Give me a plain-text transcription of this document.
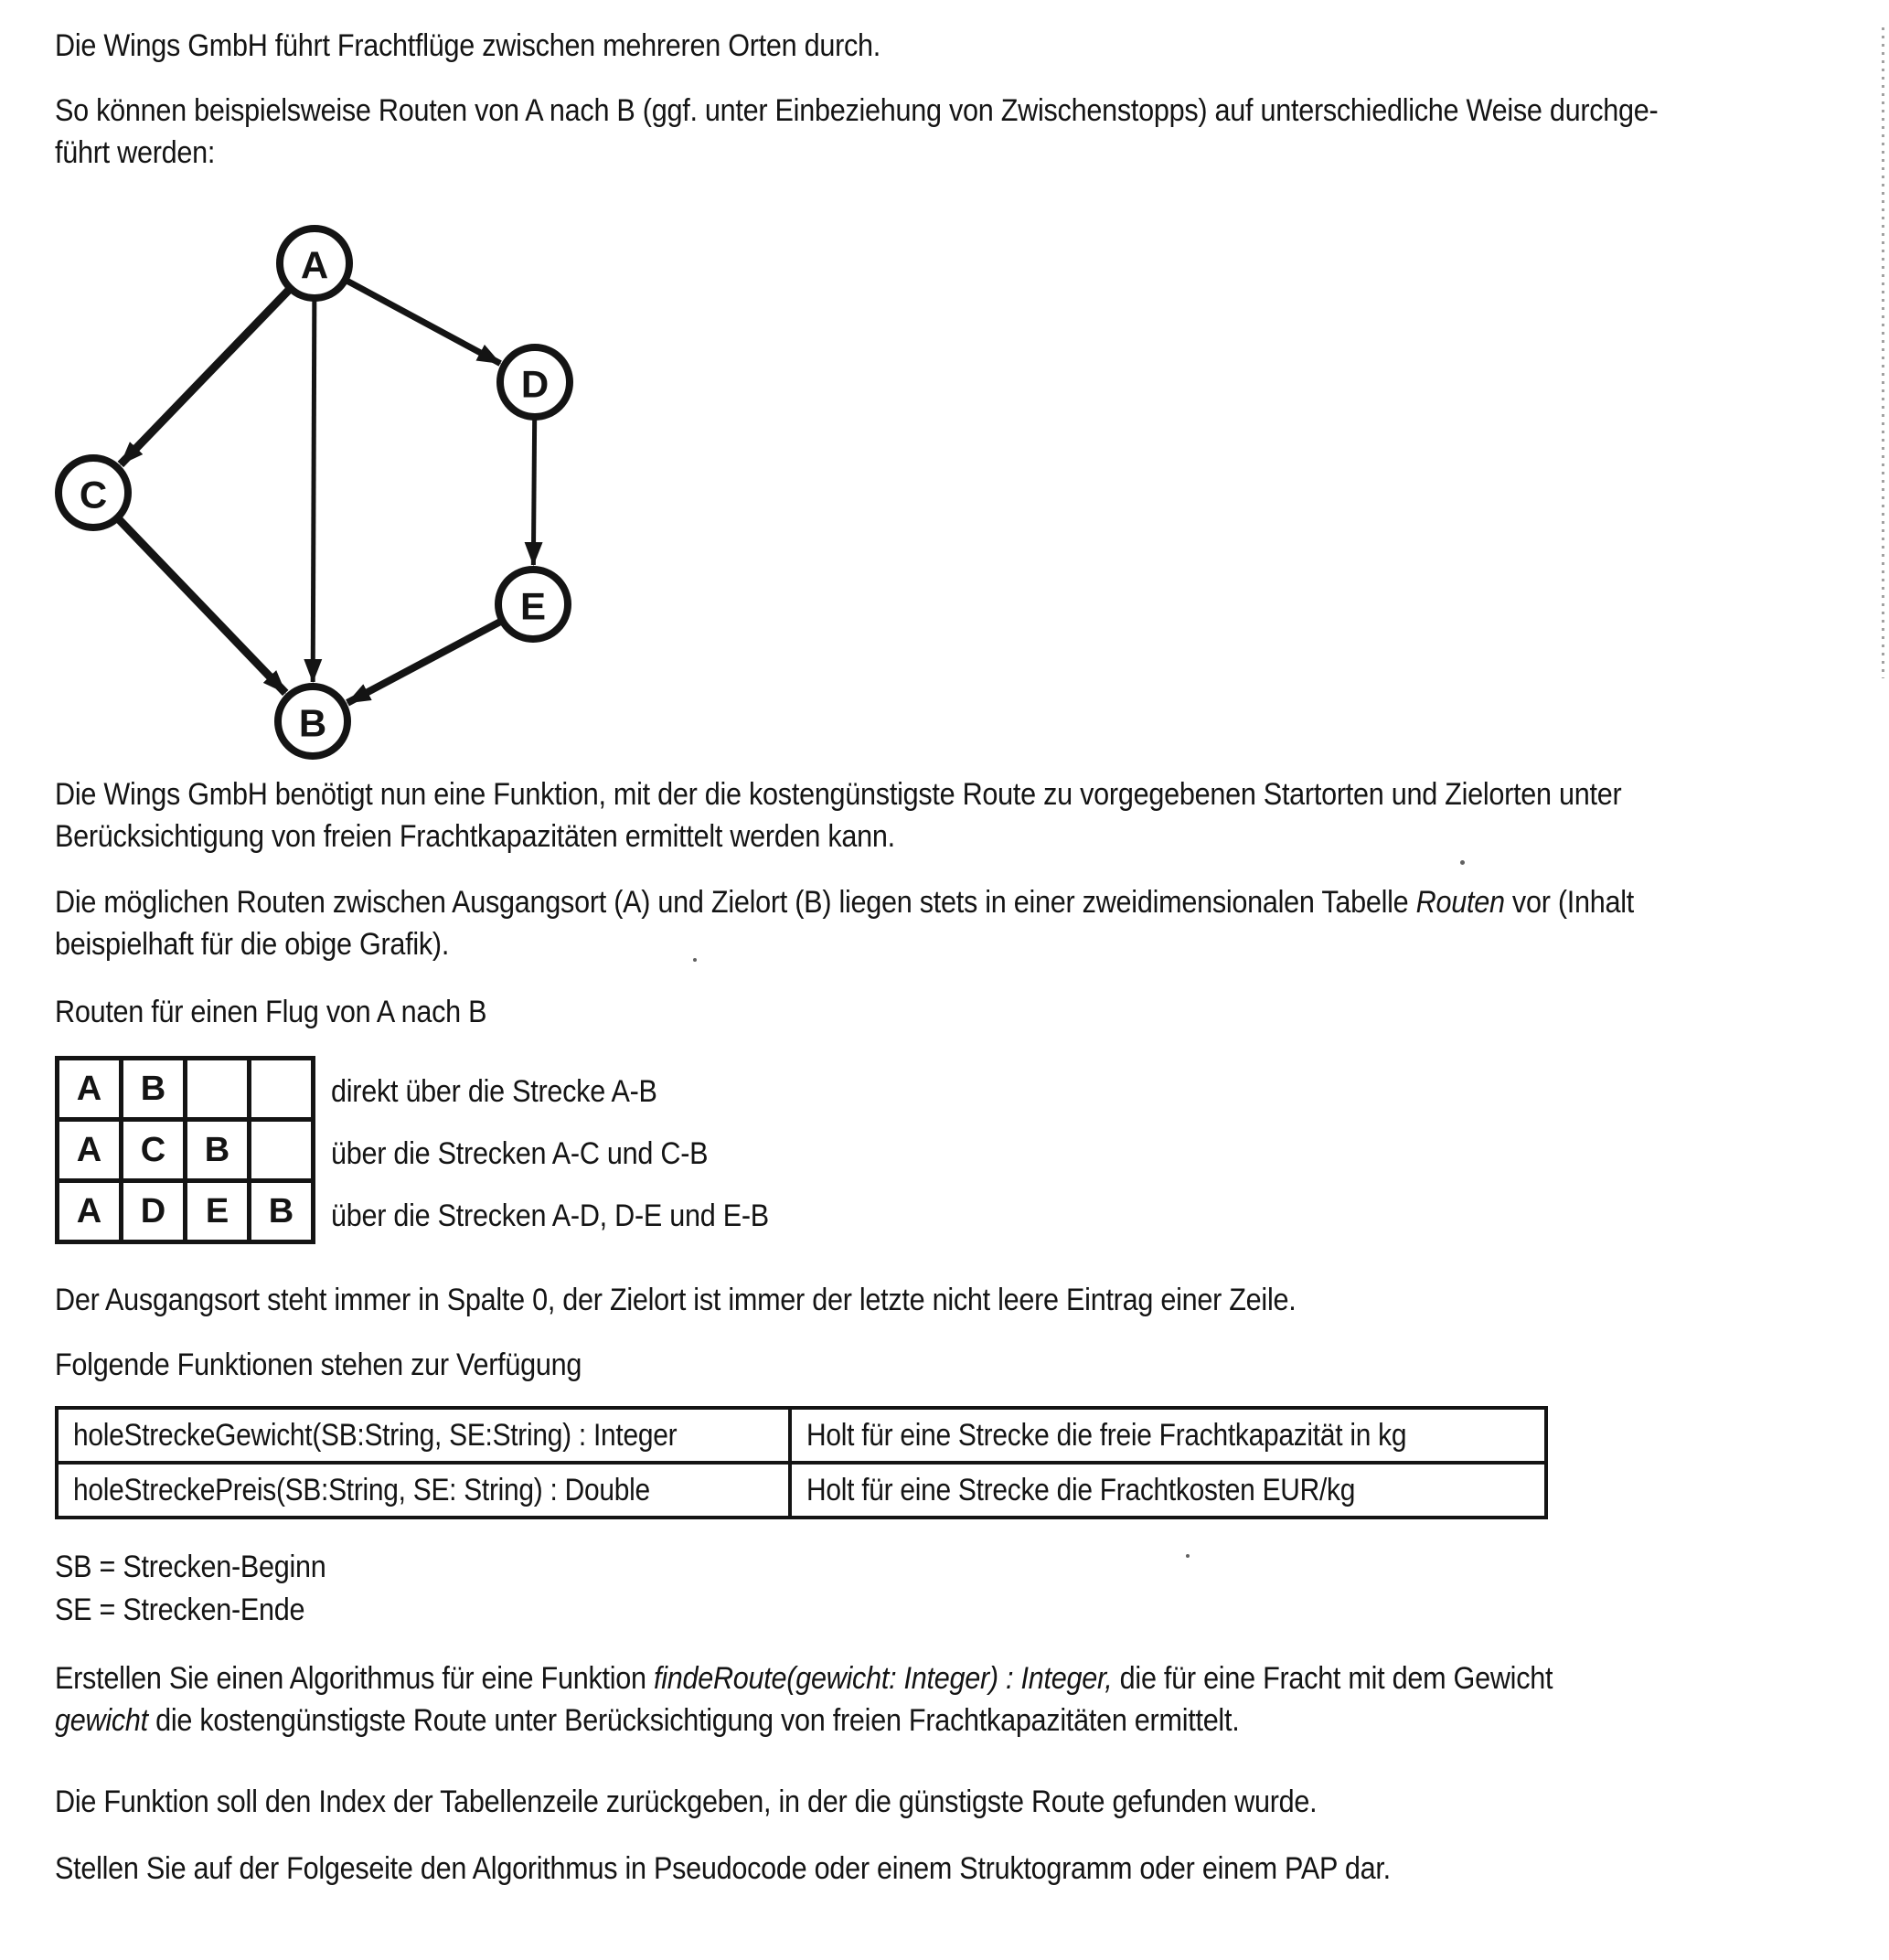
Die Wings GmbH führt Frachtflüge zwischen mehreren Orten durch.
So können beispielsweise Routen von A nach B (ggf. unter Einbeziehung von Zwischenstopps) auf unterschiedliche Weise durchge-
führt werden:
A
D
C
E
B
Die Wings GmbH benötigt nun eine Funktion, mit der die kostengünstigste Route zu vorgegebenen Startorten und Zielorten unter
Berücksichtigung von freien Frachtkapazitäten ermittelt werden kann.
Die möglichen Routen zwischen Ausgangsort (A) und Zielort (B) liegen stets in einer zweidimensionalen Tabelle Routen vor (Inhalt
beispielhaft für die obige Grafik).
Routen für einen Flug von A nach B
A	B		
A	C	B	
A	D	E	B
direkt über die Strecke A-B
über die Strecken A-C und C-B
über die Strecken A-D, D-E und E-B
Der Ausgangsort steht immer in Spalte 0, der Zielort ist immer der letzte nicht leere Eintrag einer Zeile.
Folgende Funktionen stehen zur Verfügung
holeStreckeGewicht(SB:String, SE:String) : Integer	Holt für eine Strecke die freie Frachtkapazität in kg
holeStreckePreis(SB:String, SE: String) : Double	Holt für eine Strecke die Frachtkosten EUR/kg
SB = Strecken-Beginn
SE = Strecken-Ende
Erstellen Sie einen Algorithmus für eine Funktion findeRoute(gewicht: Integer) : Integer, die für eine Fracht mit dem Gewicht
gewicht die kostengünstigste Route unter Berücksichtigung von freien Frachtkapazitäten ermittelt.
Die Funktion soll den Index der Tabellenzeile zurückgeben, in der die günstigste Route gefunden wurde.
Stellen Sie auf der Folgeseite den Algorithmus in Pseudocode oder einem Struktogramm oder einem PAP dar.
